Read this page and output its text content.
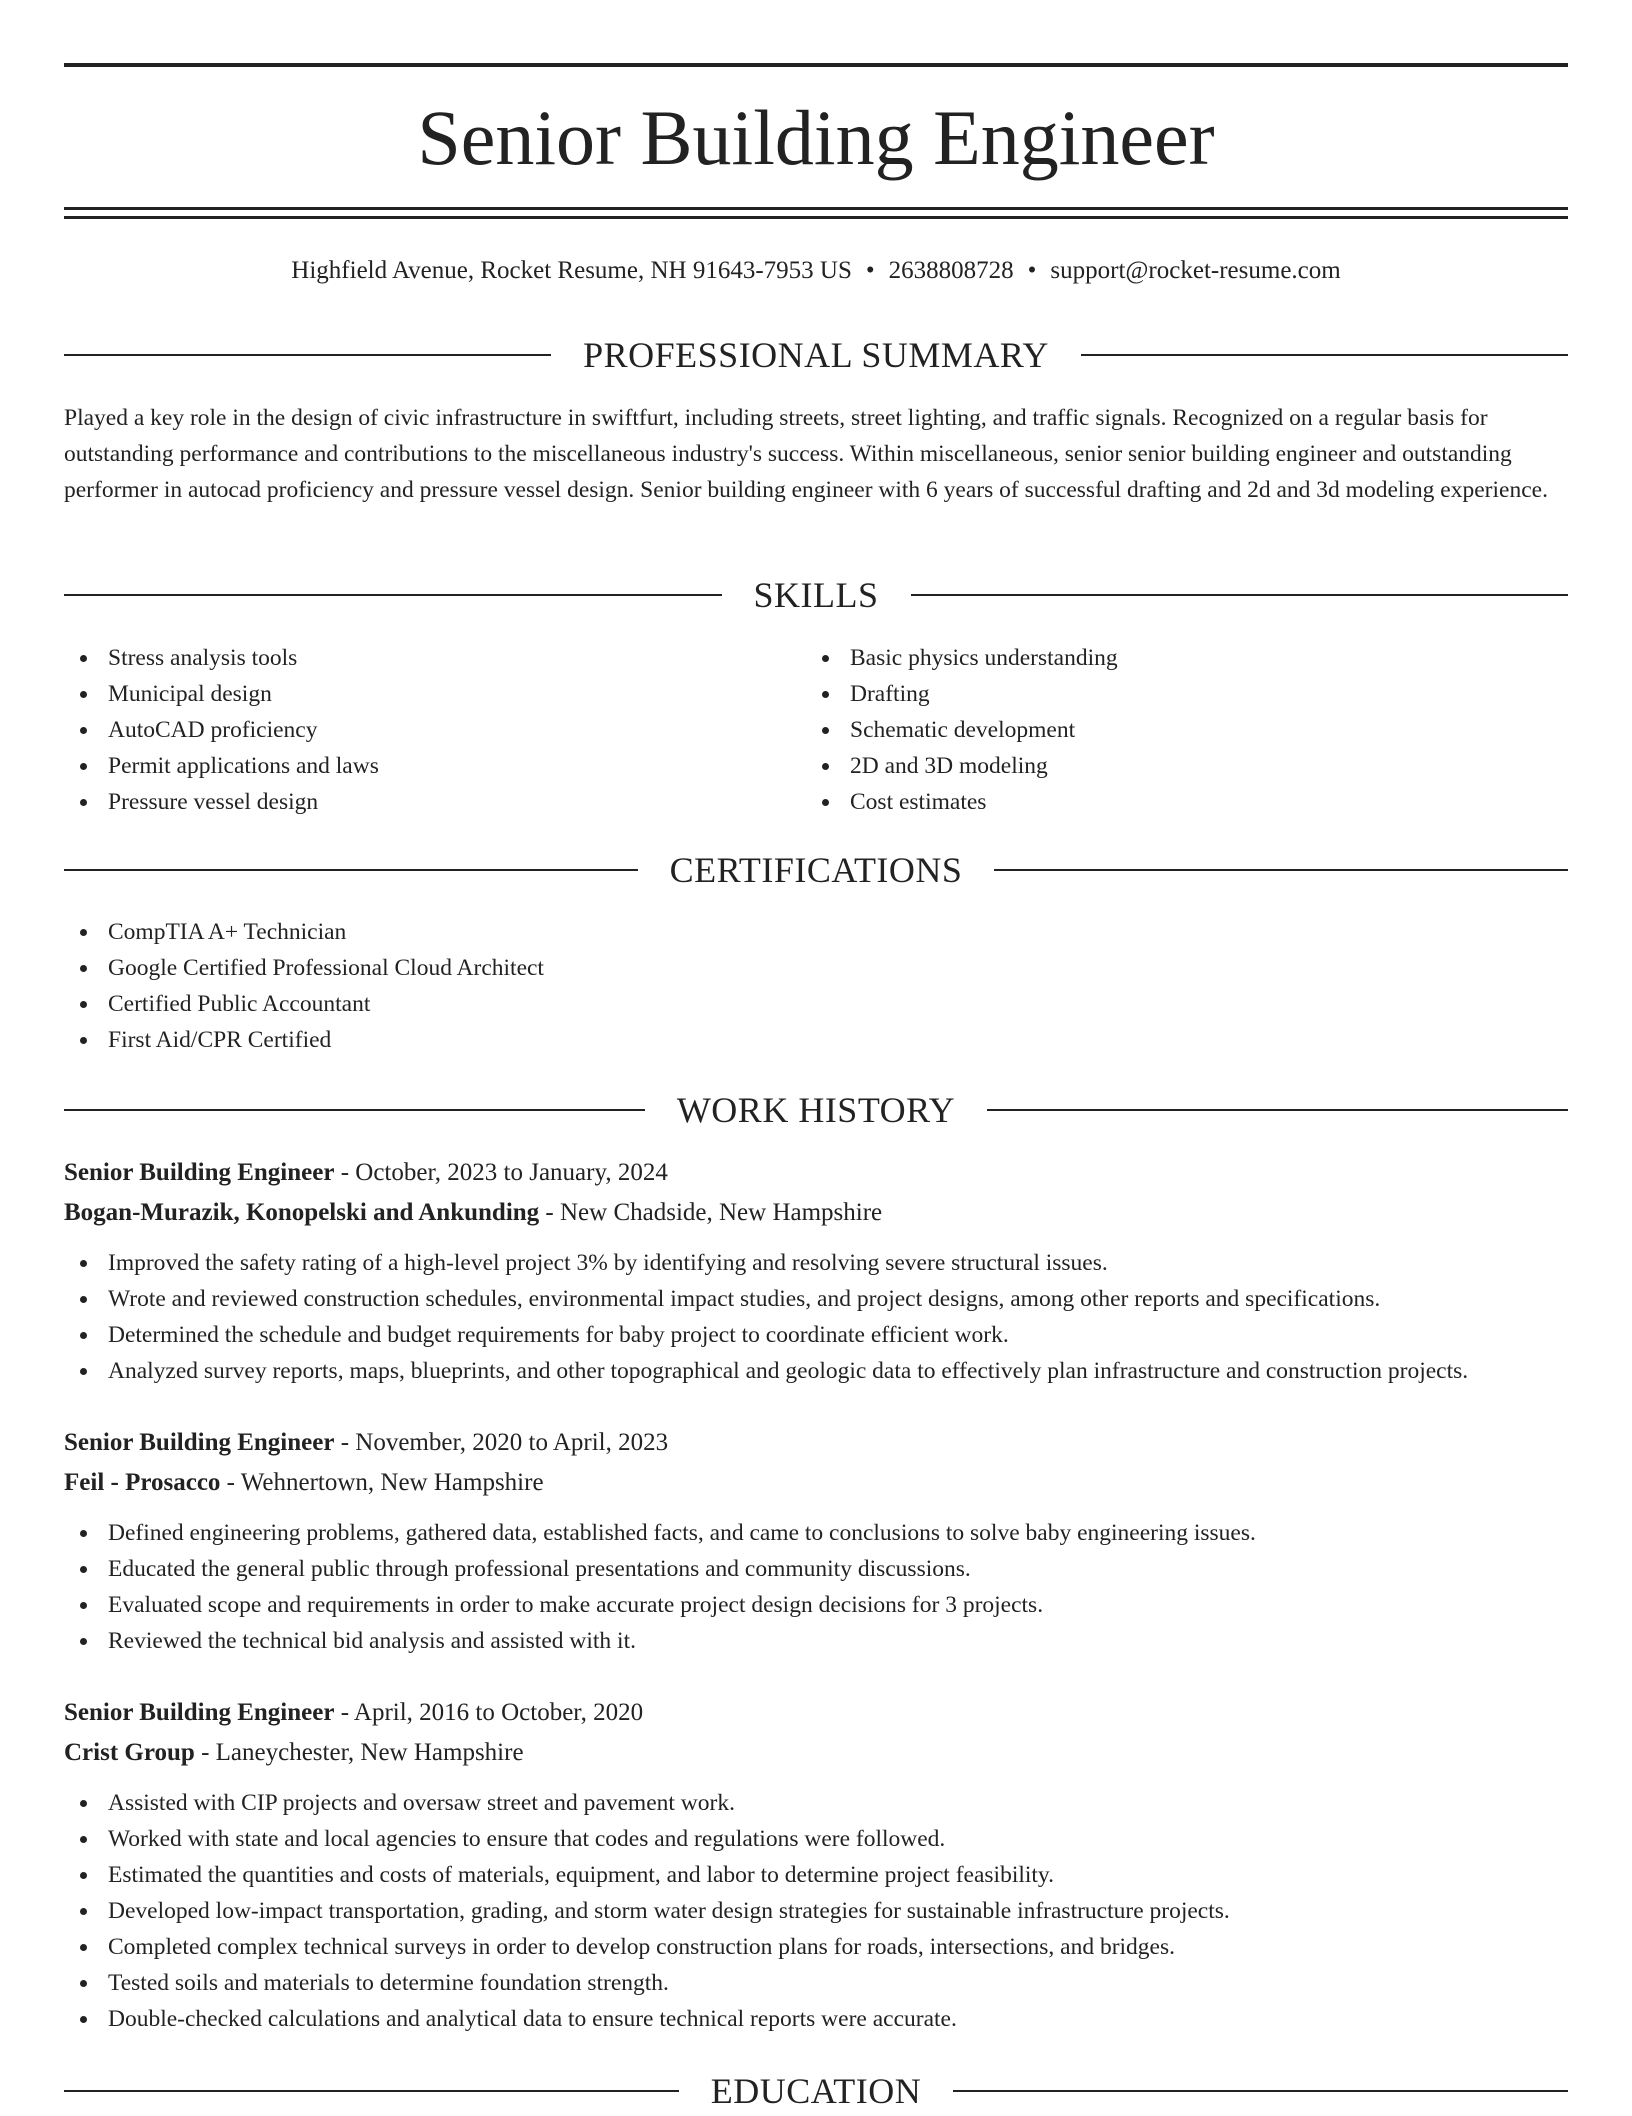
Senior Building Engineer
Highfield Avenue, Rocket Resume, NH 91643-7953 US • 2638808728 • support@rocket-resume.com
PROFESSIONAL SUMMARY

Played a key role in the design of civic infrastructure in swiftfurt, including streets, street lighting, and traffic signals. Recognized on a regular basis for outstanding performance and contributions to the miscellaneous industry's success. Within miscellaneous, senior senior building engineer and outstanding performer in autocad proficiency and pressure vessel design. Senior building engineer with 6 years of successful drafting and 2d and 3d modeling experience.

SKILLS
Stress analysis tools
Municipal design
AutoCAD proficiency
Permit applications and laws
Pressure vessel design
Basic physics understanding
Drafting
Schematic development
2D and 3D modeling
Cost estimates
CERTIFICATIONS
CompTIA A+ Technician
Google Certified Professional Cloud Architect
Certified Public Accountant
First Aid/CPR Certified
WORK HISTORY
Senior Building Engineer - October, 2023 to January, 2024
Bogan-Murazik, Konopelski and Ankunding - New Chadside, New Hampshire
Improved the safety rating of a high-level project 3% by identifying and resolving severe structural issues.
Wrote and reviewed construction schedules, environmental impact studies, and project designs, among other reports and specifications.
Determined the schedule and budget requirements for baby project to coordinate efficient work.
Analyzed survey reports, maps, blueprints, and other topographical and geologic data to effectively plan infrastructure and construction projects.
Senior Building Engineer - November, 2020 to April, 2023
Feil - Prosacco - Wehnertown, New Hampshire
Defined engineering problems, gathered data, established facts, and came to conclusions to solve baby engineering issues.
Educated the general public through professional presentations and community discussions.
Evaluated scope and requirements in order to make accurate project design decisions for 3 projects.
Reviewed the technical bid analysis and assisted with it.
Senior Building Engineer - April, 2016 to October, 2020
Crist Group - Laneychester, New Hampshire
Assisted with CIP projects and oversaw street and pavement work.
Worked with state and local agencies to ensure that codes and regulations were followed.
Estimated the quantities and costs of materials, equipment, and labor to determine project feasibility.
Developed low-impact transportation, grading, and storm water design strategies for sustainable infrastructure projects.
Completed complex technical surveys in order to develop construction plans for roads, intersections, and bridges.
Tested soils and materials to determine foundation strength.
Double-checked calculations and analytical data to ensure technical reports were accurate.
EDUCATION
